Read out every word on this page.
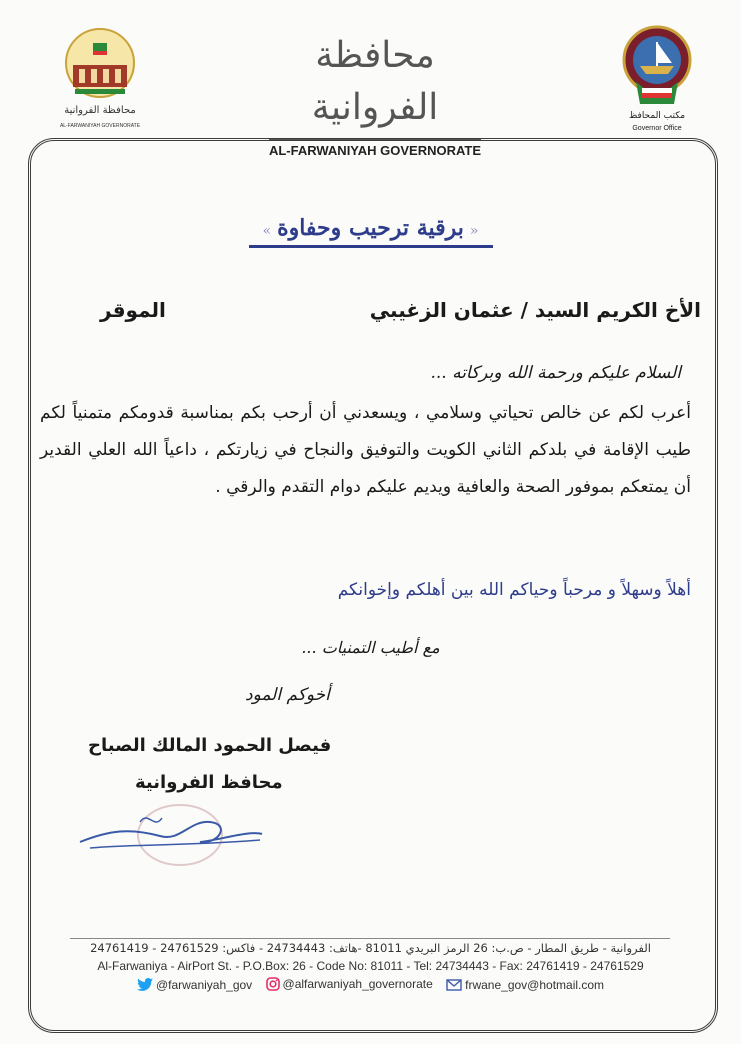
محافظة الفروانية
AL-FARWANIYAH GOVERNORATE
محافظة الفروانية
AL-FARWANIYAH GOVERNORATE
مكتب المحافظ
Governor Office
«برقية ترحيب وحفاوة»
الأخ الكريم السيد / عثمان الزغيبي
الموقر
السلام عليكم ورحمة الله وبركاته ...
أعرب لكم عن خالص تحياتي وسلامي ، ويسعدني أن أرحب بكم بمناسبة قدومكم متمنياً لكم طيب الإقامة في بلدكم الثاني الكويت والتوفيق والنجاح في زيارتكم ، داعياً الله العلي القدير أن يمتعكم بموفور الصحة والعافية ويديم عليكم دوام التقدم والرقي .
أهلاً وسهلاً و مرحباً وحياكم الله بين أهلكم وإخوانكم
مع أطيب التمنيات ...
أخوكم المود
فيصل الحمود المالك الصباح
محافظ الفروانية
الفروانية - طريق المطار - ص.ب: 26 الرمز البريدي 81011 -هاتف: 24734443 - فاكس: 24761529 - 24761419
Al-Farwaniya - AirPort St. - P.O.Box: 26 - Code No: 81011 - Tel: 24734443 - Fax: 24761419 - 24761529
@farwaniyah_gov
	@alfarwaniyah_governorate
	frwane_gov@hotmail.com
